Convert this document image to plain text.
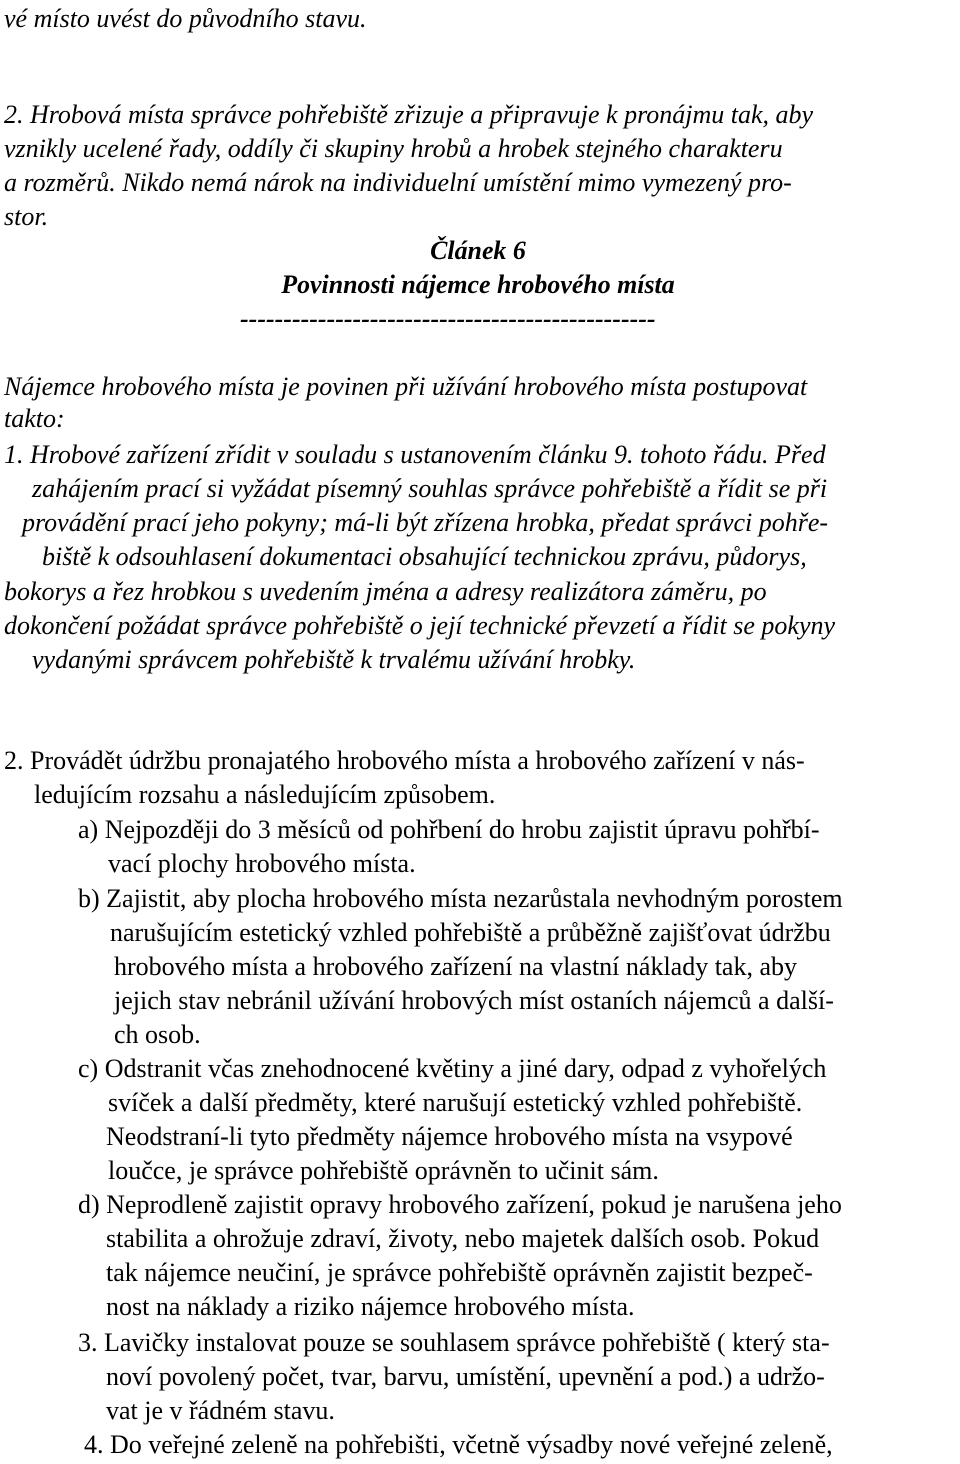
vé místo uvést do původního stavu.
2. Hrobová místa správce pohřebiště zřizuje a připravuje k pronájmu tak, aby
vznikly ucelené řady, oddíly či skupiny hrobů a hrobek stejného charakteru
a rozměrů. Nikdo nemá nárok na individuelní umístění mimo vymezený pro-
stor.
Článek 6
Povinnosti nájemce hrobového místa
------------------------------------------------
Nájemce hrobového místa je povinen při užívání hrobového místa postupovat
takto:
1. Hrobové zařízení zřídit v souladu s ustanovením článku 9. tohoto řádu. Před
zahájením prací si vyžádat písemný souhlas správce pohřebiště a řídit se při
provádění prací jeho pokyny; má-li být zřízena hrobka, předat správci pohře-
biště k odsouhlasení dokumentaci obsahující technickou zprávu, půdorys,
bokorys a řez hrobkou s uvedením jména a adresy realizátora záměru, po
dokončení požádat správce pohřebiště o její technické převzetí a řídit se pokyny
vydanými správcem pohřebiště k trvalému užívání hrobky.
2. Provádět údržbu pronajatého hrobového místa a hrobového zařízení v nás-
ledujícím rozsahu a následujícím způsobem.
a) Nejpozději do 3 měsíců od pohřbení do hrobu zajistit úpravu pohřbí-
vací plochy hrobového místa.
b) Zajistit, aby plocha hrobového místa nezarůstala nevhodným porostem
narušujícím estetický vzhled pohřebiště a průběžně zajišťovat údržbu
hrobového místa a hrobového zařízení na vlastní náklady tak, aby
jejich stav nebránil užívání hrobových míst ostaních nájemců a další-
ch osob.
c) Odstranit včas znehodnocené květiny a jiné dary, odpad z vyhořelých
svíček a další předměty, které narušují estetický vzhled pohřebiště.
Neodstraní-li tyto předměty nájemce hrobového místa na vsypové
loučce, je správce pohřebiště oprávněn to učinit sám.
d) Neprodleně zajistit opravy hrobového zařízení, pokud je narušena jeho
stabilita a ohrožuje zdraví, životy, nebo majetek dalších osob. Pokud
tak nájemce neučiní, je správce pohřebiště oprávněn zajistit bezpeč-
nost na náklady a riziko nájemce hrobového místa.
3. Lavičky instalovat pouze se souhlasem správce pohřebiště ( který sta-
noví povolený počet, tvar, barvu, umístění, upevnění a pod.) a udržo-
vat je v řádném stavu.
4. Do veřejné zeleně na pohřebišti, včetně výsadby nové veřejné zeleně,
